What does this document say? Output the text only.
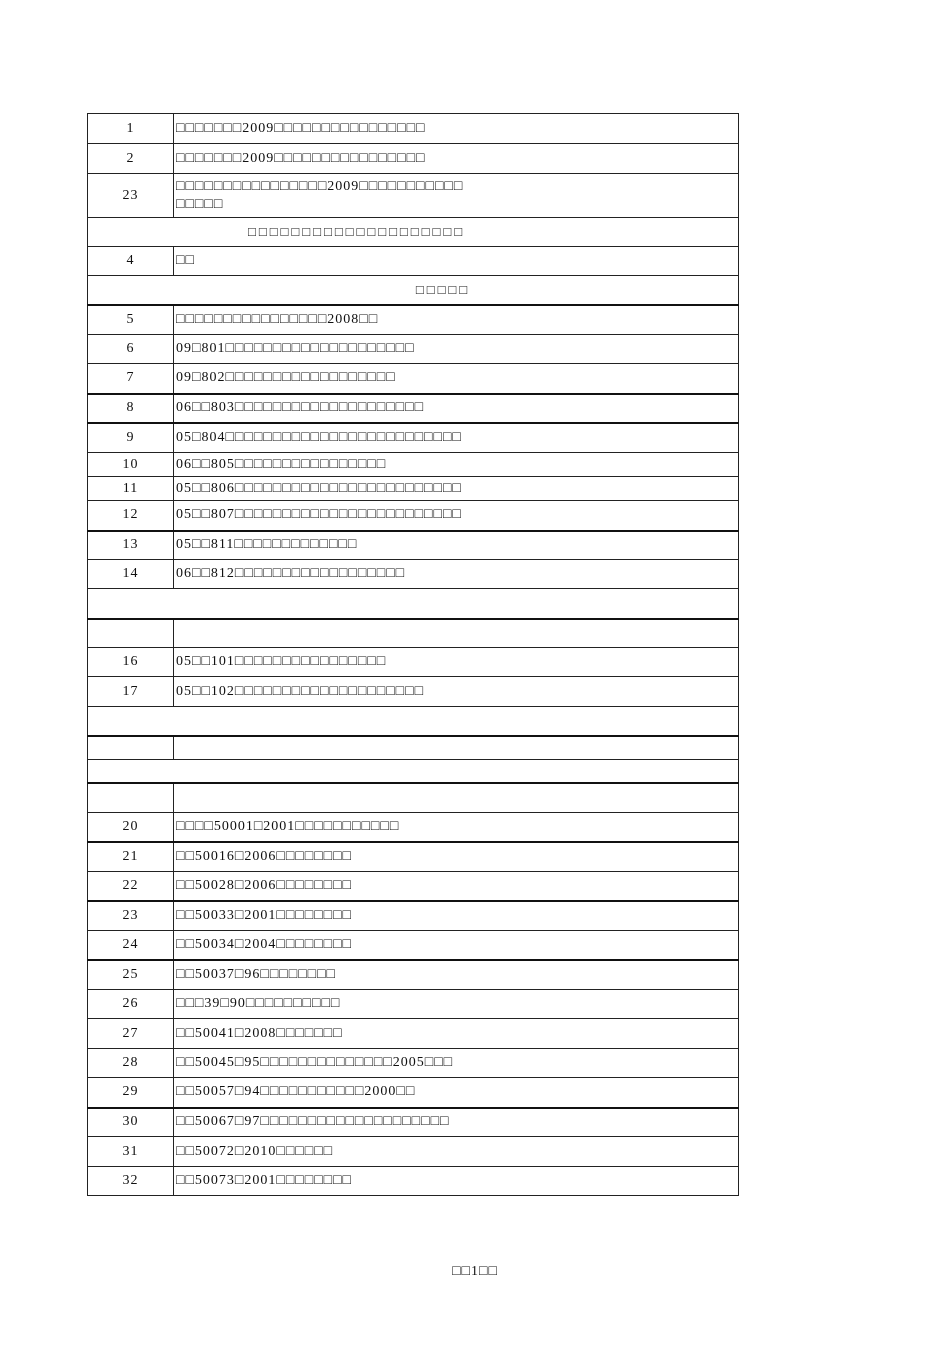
1	□□□□□□□2009□□□□□□□□□□□□□□□□
2	□□□□□□□2009□□□□□□□□□□□□□□□□
23	□□□□□□□□□□□□□□□□2009□□□□□□□□□□□□□□□□
□□□□□□□□□□□□□□□□□□□□	
4	□□
□□□□□	
5	□□□□□□□□□□□□□□□□2008□□
6	09□801□□□□□□□□□□□□□□□□□□□□
7	09□802□□□□□□□□□□□□□□□□□□
8	06□□803□□□□□□□□□□□□□□□□□□□□
9	05□804□□□□□□□□□□□□□□□□□□□□□□□□□
10	06□□805□□□□□□□□□□□□□□□□
11	05□□806□□□□□□□□□□□□□□□□□□□□□□□□
12	05□□807□□□□□□□□□□□□□□□□□□□□□□□□
13	05□□811□□□□□□□□□□□□□
14	06□□812□□□□□□□□□□□□□□□□□□

16	05□□101□□□□□□□□□□□□□□□□
17	05□□102□□□□□□□□□□□□□□□□□□□□

20	□□□□50001□2001□□□□□□□□□□□
21	□□50016□2006□□□□□□□□
22	□□50028□2006□□□□□□□□
23	□□50033□2001□□□□□□□□
24	□□50034□2004□□□□□□□□
25	□□50037□96□□□□□□□□
26	□□□39□90□□□□□□□□□□
27	□□50041□2008□□□□□□□
28	□□50045□95□□□□□□□□□□□□□□2005□□□
29	□□50057□94□□□□□□□□□□□2000□□
30	□□50067□97□□□□□□□□□□□□□□□□□□□□
31	□□50072□2010□□□□□□
32	□□50073□2001□□□□□□□□
□□1□□
